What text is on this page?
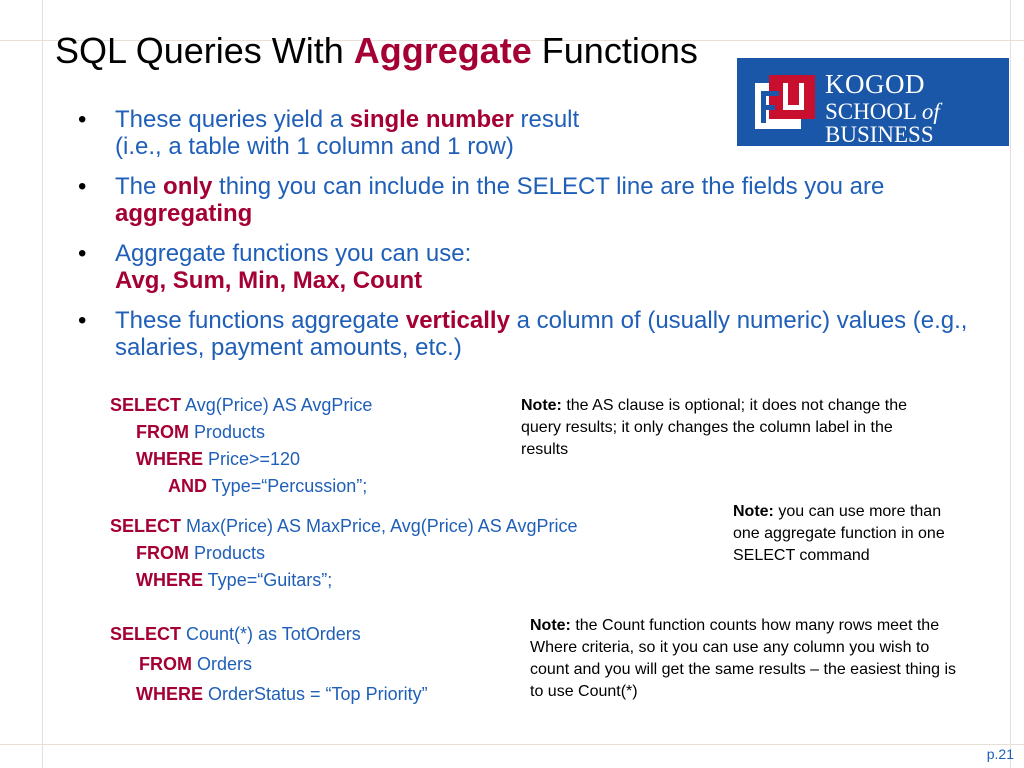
SQL Queries With Aggregate Functions
KOGOD
SCHOOL of BUSINESS
WASHINGTON, DC
• These queries yield a single number result
(i.e., a table with 1 column and 1 row)
• The only thing you can include in the SELECT line are the fields you are aggregating
• Aggregate functions you can use:
Avg, Sum, Min, Max, Count
• These functions aggregate vertically a column of (usually numeric) values (e.g., salaries, payment amounts, etc.)
SELECT Avg(Price) AS AvgPrice
FROM Products
WHERE Price>=120
AND Type=“Percussion”;
SELECT Max(Price) AS MaxPrice, Avg(Price) AS AvgPrice
FROM Products
WHERE Type=“Guitars”;
SELECT Count(*) as TotOrders
FROM Orders
WHERE OrderStatus = “Top Priority”
Note: the AS clause is optional; it does not change the query results; it only changes the column label in the results
Note: you can use more than one aggregate function in one SELECT command
Note: the Count function counts how many rows meet the Where criteria, so it you can use any column you wish to count and you will get the same results – the easiest thing is to use Count(*)
p.21
